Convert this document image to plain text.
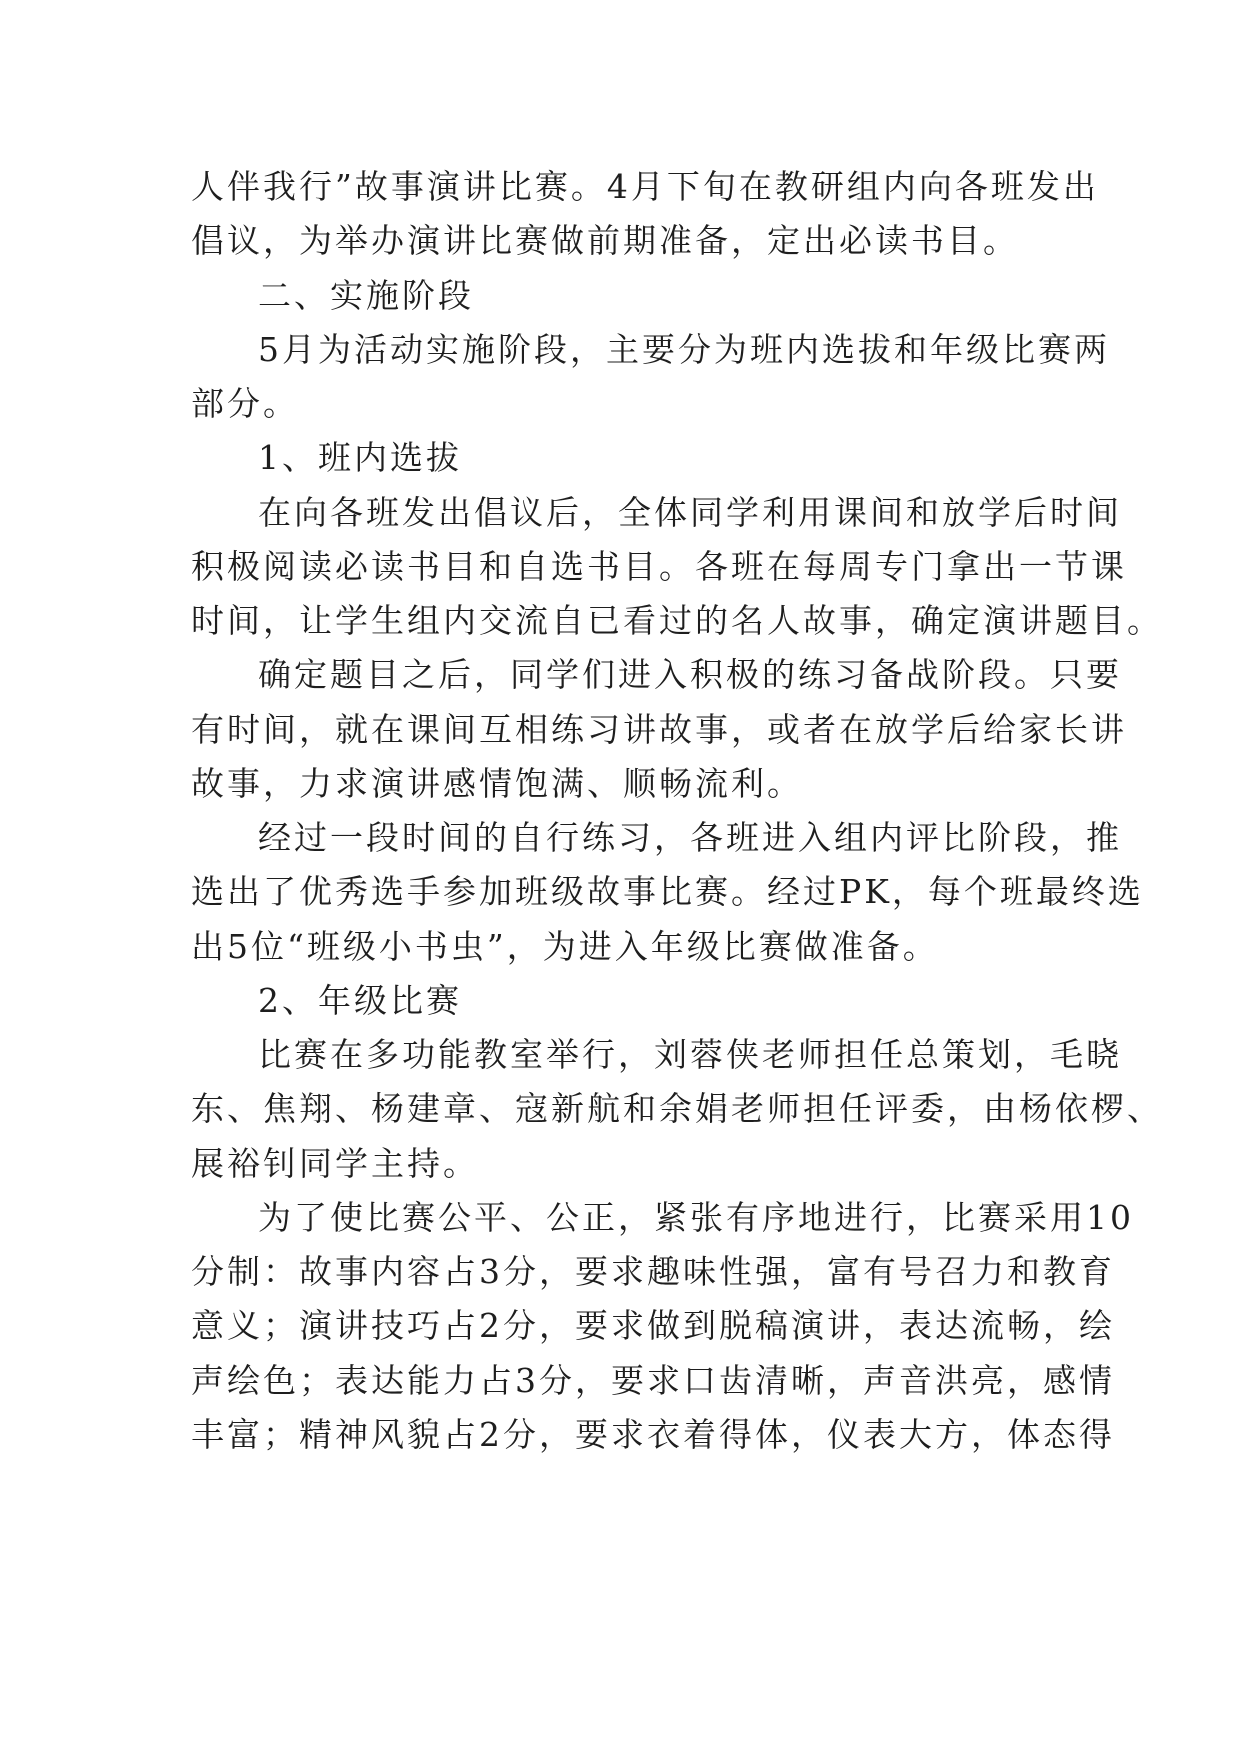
人伴我行”故事演讲比赛。4月下旬在教研组内向各班发出
倡议，为举办演讲比赛做前期准备，定出必读书目。
二、实施阶段
5月为活动实施阶段，主要分为班内选拔和年级比赛两
部分。
1、班内选拔
在向各班发出倡议后，全体同学利用课间和放学后时间
积极阅读必读书目和自选书目。各班在每周专门拿出一节课
时间，让学生组内交流自已看过的名人故事，确定演讲题目。
确定题目之后，同学们进入积极的练习备战阶段。只要
有时间，就在课间互相练习讲故事，或者在放学后给家长讲
故事，力求演讲感情饱满、顺畅流利。
经过一段时间的自行练习，各班进入组内评比阶段，推
选出了优秀选手参加班级故事比赛。经过PK，每个班最终选
出5位“班级小书虫”，为进入年级比赛做准备。
2、年级比赛
比赛在多功能教室举行，刘蓉侠老师担任总策划，毛晓
东、焦翔、杨建章、寇新航和余娟老师担任评委，由杨依椤、
展裕钊同学主持。
为了使比赛公平、公正，紧张有序地进行，比赛采用10
分制：故事内容占3分，要求趣味性强，富有号召力和教育
意义；演讲技巧占2分，要求做到脱稿演讲，表达流畅，绘
声绘色；表达能力占3分，要求口齿清晰，声音洪亮，感情
丰富；精神风貌占2分，要求衣着得体，仪表大方，体态得
